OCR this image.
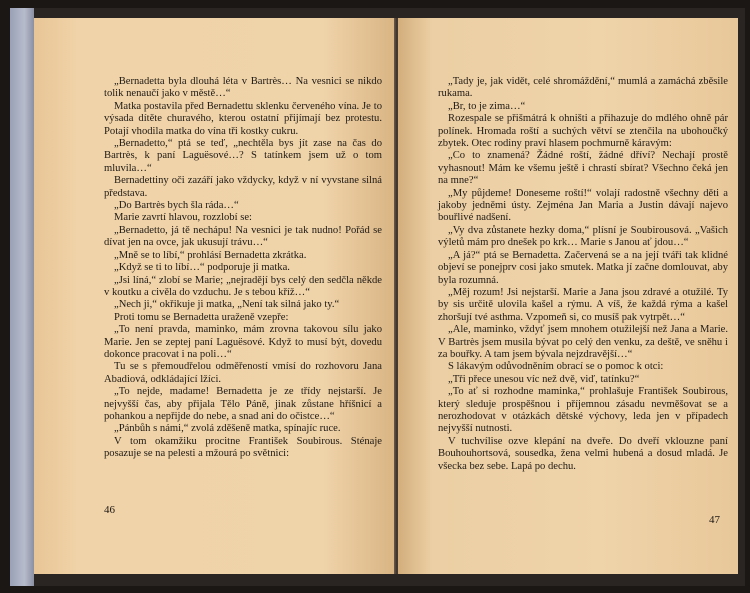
„Bernadetta byla dlouhá léta v Bartrès… Na vesnici se nikdo tolik nenaučí jako v městě…“

Matka postavila před Bernadettu sklenku červeného vína. Je to výsada dítěte churavého, kterou ostatní přijímají bez protestu. Potají vhodila matka do vína tři kostky cukru.

„Bernadetto,“ ptá se teď, „nechtěla bys jít zase na čas do Bartrès, k paní Laguësové…? S tatínkem jsem už o tom mluvila…“

Bernadettiny oči zazáří jako vždycky, když v ní vyvstane silná představa.

„Do Bartrès bych šla ráda…“

Marie zavrtí hlavou, rozzlobí se:

„Bernadetto, já tě nechápu! Na vesnici je tak nudno! Pořád se dívat jen na ovce, jak ukusují trávu…“

„Mně se to líbí,“ prohlásí Bernadetta zkrátka.

„Když se ti to líbí…“ podporuje ji matka.

„Jsi líná,“ zlobí se Marie; „nejradějí bys celý den sedčla někde v koutku a civěla do vzduchu. Je s tebou kříž…“

„Nech ji,“ okřikuje ji matka, „Není tak silná jako ty.“

Proti tomu se Bernadetta uraženě vzepře:

„To není pravda, maminko, mám zrovna takovou sílu jako Marie. Jen se zeptej paní Laguësové. Když to musí být, dovedu dokonce pracovat i na poli…“

Tu se s přemoudřelou odměřeností vmísí do rozhovoru Jana Abadiová, odkládající lžíci.

„To nejde, madame! Bernadetta je ze třídy nejstarší. Je nejvyšší čas, aby přijala Tělo Páně, jinak zůstane hříšnicí a pohankou a nepřijde do nebe, a snad ani do očistce…“

„Pánbůh s námi,“ zvolá zděšeně matka, spínajíc ruce.

V tom okamžiku procitne František Soubirous. Sténaje posazuje se na pelesti a mžourá po světnici:

46

„Tady je, jak vidět, celé shromáždění,“ mumlá a zamáchá zběsile rukama.

„Br, to je zima…“

Rozespale se přišmátrá k ohništi a přihazuje do mdlého ohně pár polínek. Hromada roští a suchých větví se ztenčila na ubohoučký zbytek. Otec rodiny praví hlasem pochmurně káravým:

„Co to znamená? Žádné roští, žádné dříví? Nechají prostě vyhasnout! Mám ke všemu ještě i chrastí sbírat? Všechno čeká jen na mne?“

„My půjdeme! Doneseme roští!“ volají radostně všechny děti a jakoby jedněmi ústy. Zejména Jan Maria a Justin dávají najevo bouřlivé nadšení.

„Vy dva zůstanete hezky doma,“ plísní je Soubirousová. „Vašich výletů mám pro dnešek po krk… Marie s Janou ať jdou…“

„A já?“ ptá se Bernadetta. Začervená se a na její tváři tak klidné objeví se ponejprv cosi jako smutek. Matka jí začne domlouvat, aby byla rozumná.

„Měj rozum! Jsi nejstarší. Marie a Jana jsou zdravé a otužilé. Ty by sis určitě ulovila kašel a rýmu. A víš, že každá rýma a kašel zhoršují tvé asthma. Vzpomeň si, co musíš pak vytrpět…“

„Ale, maminko, vždyť jsem mnohem otužilejší než Jana a Marie. V Bartrès jsem musila bývat po celý den venku, za deště, ve sněhu i za bouřky. A tam jsem bývala nejzdravější…“

S lákavým odůvodněním obrací se o pomoc k otci:

„Tři přece unesou víc než dvě, viď, tatínku?“

„To ať si rozhodne maminka,“ prohlašuje František Soubirous, který sleduje prospěšnou i příjemnou zásadu nevměšovat se a nerozhodovat v otázkách dětské výchovy, leda jen v případech nejvyšší nutnosti.

V tuchvílise ozve klepání na dveře. Do dveří vklouzne paní Bouhouhortsová, sousedka, žena velmi hubená a dosud mladá. Je všecka bez sebe. Lapá po dechu.

47
